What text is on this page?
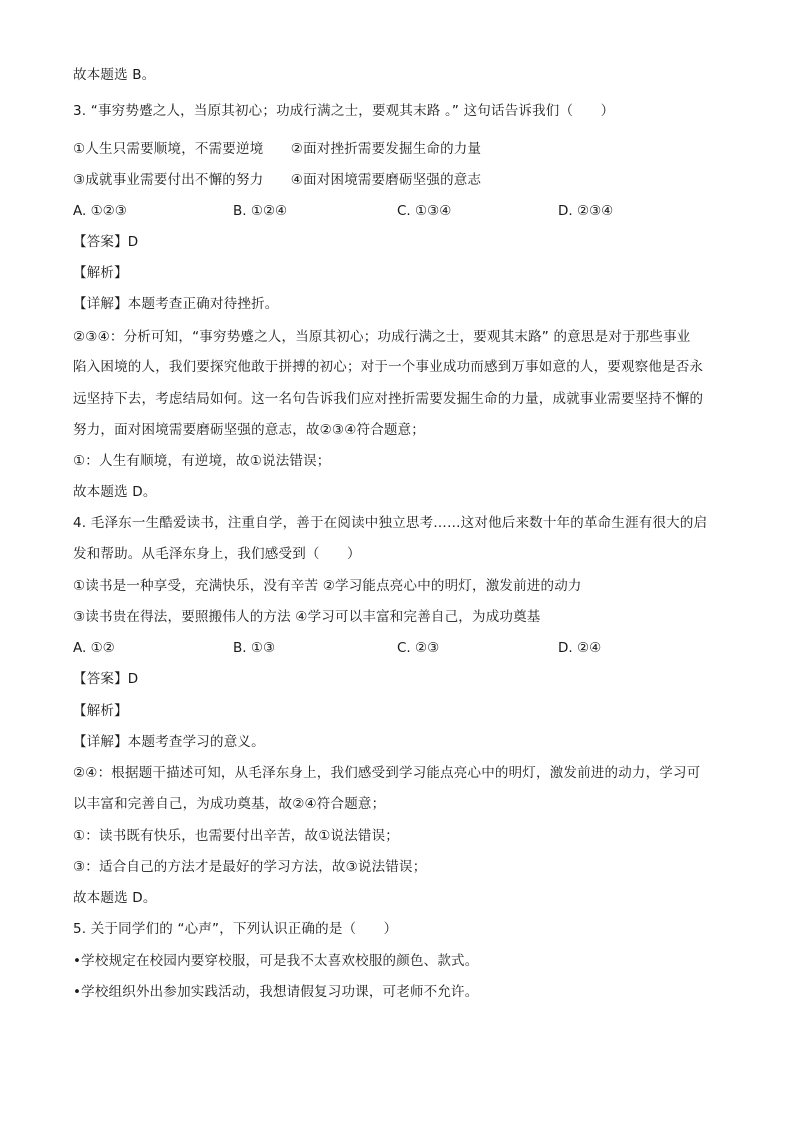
故本题选 B。
3. “事穷势蹙之人，当原其初心；功成行满之士，要观其末路 。” 这句话告诉我们（　　）
①人生只需要顺境，不需要逆境　　②面对挫折需要发掘生命的力量
③成就事业需要付出不懈的努力　　④面对困境需要磨砺坚强的意志
A. ①②③	B. ①②④	C. ①③④	D. ②③④
【答案】D
【解析】
【详解】本题考查正确对待挫折。
②③④：分析可知，“事穷势蹙之人，当原其初心；功成行满之士，要观其末路” 的意思是对于那些事业
陷入困境的人，我们要探究他敢于拼搏的初心；对于一个事业成功而感到万事如意的人，要观察他是否永
远坚持下去，考虑结局如何。这一名句告诉我们应对挫折需要发掘生命的力量，成就事业需要坚持不懈的
努力，面对困境需要磨砺坚强的意志，故②③④符合题意；
①：人生有顺境，有逆境，故①说法错误；
故本题选 D。
4. 毛泽东一生酷爱读书，注重自学，善于在阅读中独立思考……这对他后来数十年的革命生涯有很大的启
发和帮助。从毛泽东身上，我们感受到（　　）
①读书是一种享受，充满快乐，没有辛苦 ②学习能点亮心中的明灯，激发前进的动力
③读书贵在得法，要照搬伟人的方法 ④学习可以丰富和完善自己，为成功奠基
A. ①②	B. ①③	C. ②③	D. ②④
【答案】D
【解析】
【详解】本题考查学习的意义。
②④：根据题干描述可知，从毛泽东身上，我们感受到学习能点亮心中的明灯，激发前进的动力，学习可
以丰富和完善自己，为成功奠基，故②④符合题意；
①：读书既有快乐，也需要付出辛苦，故①说法错误；
③：适合自己的方法才是最好的学习方法，故③说法错误；
故本题选 D。
5. 关于同学们的 “心声”，下列认识正确的是（　　）
•学校规定在校园内要穿校服，可是我不太喜欢校服的颜色、款式。
•学校组织外出参加实践活动，我想请假复习功课，可老师不允许。
